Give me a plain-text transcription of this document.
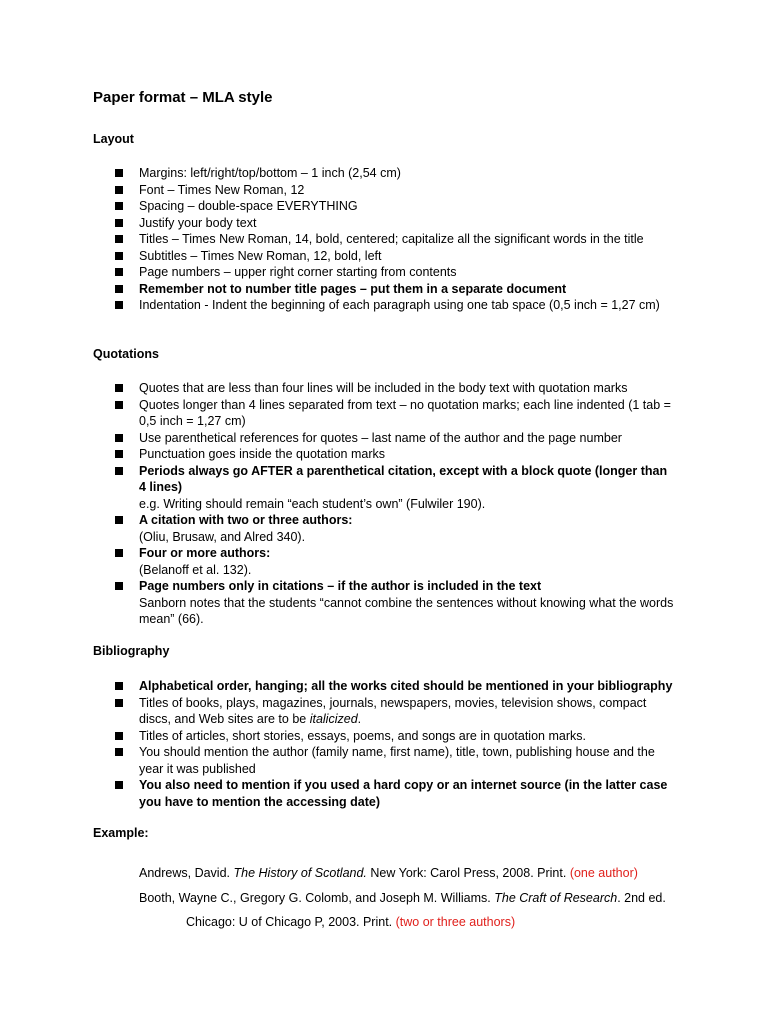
Paper format – MLA style
Layout
Margins: left/right/top/bottom – 1 inch (2,54 cm)
Font – Times New Roman, 12
Spacing – double-space EVERYTHING
Justify your body text
Titles – Times New Roman, 14, bold, centered; capitalize all the significant words in the title
Subtitles – Times New Roman, 12, bold, left
Page numbers – upper right corner starting from contents
Remember not to number title pages – put them in a separate document
Indentation - Indent the beginning of each paragraph using one tab space (0,5 inch = 1,27 cm)
Quotations
Quotes that are less than four lines will be included in the body text with quotation marks
Quotes longer than 4 lines separated from text – no quotation marks; each line indented (1 tab = 0,5 inch = 1,27 cm)
Use parenthetical references for quotes – last name of the author and the page number
Punctuation goes inside the quotation marks
Periods always go AFTER a parenthetical citation, except with a block quote (longer than 4 lines)
e.g. Writing should remain “each student’s own” (Fulwiler 190).
A citation with two or three authors:
(Oliu, Brusaw, and Alred 340).
Four or more authors:
(Belanoff et al. 132).
Page numbers only in citations – if the author is included in the text
Sanborn notes that the students “cannot combine the sentences without knowing what the words mean” (66).
Bibliography
Alphabetical order, hanging; all the works cited should be mentioned in your bibliography
Titles of books, plays, magazines, journals, newspapers, movies, television shows, compact discs, and Web sites are to be italicized.
Titles of articles, short stories, essays, poems, and songs are in quotation marks.
You should mention the author (family name, first name), title, town, publishing house and the year it was published
You also need to mention if you used a hard copy or an internet source (in the latter case you have to mention the accessing date)
Example:
Andrews, David. The History of Scotland. New York: Carol Press, 2008. Print. (one author)
Booth, Wayne C., Gregory G. Colomb, and Joseph M. Williams. The Craft of Research. 2nd ed.
Chicago: U of Chicago P, 2003. Print. (two or three authors)
